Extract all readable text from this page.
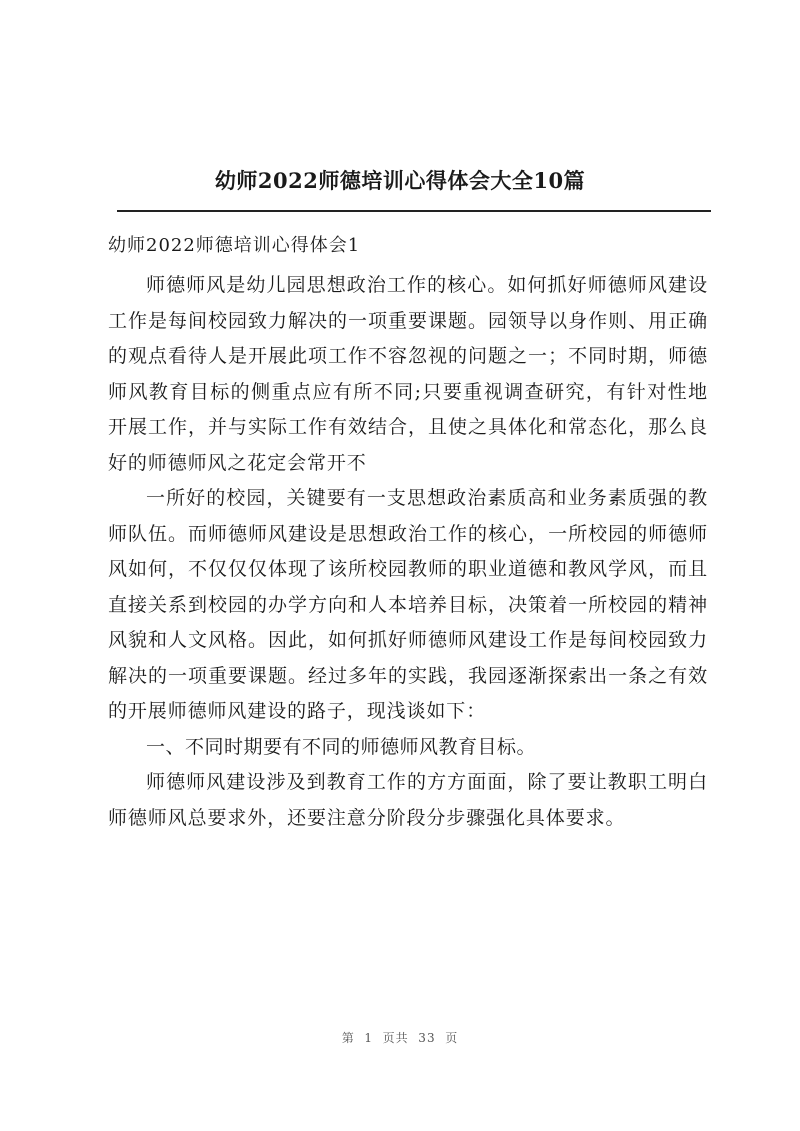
幼师2022师德培训心得体会大全10篇
幼师2022师德培训心得体会1

师德师风是幼儿园思想政治工作的核心。如何抓好师德师风建设工作是每间校园致力解决的一项重要课题。园领导以身作则、用正确的观点看待人是开展此项工作不容忽视的问题之一；不同时期，师德师风教育目标的侧重点应有所不同;只要重视调查研究，有针对性地开展工作，并与实际工作有效结合，且使之具体化和常态化，那么良好的师德师风之花定会常开不

一所好的校园，关键要有一支思想政治素质高和业务素质强的教师队伍。而师德师风建设是思想政治工作的核心，一所校园的师德师风如何，不仅仅仅体现了该所校园教师的职业道德和教风学风，而且直接关系到校园的办学方向和人本培养目标，决策着一所校园的精神风貌和人文风格。因此，如何抓好师德师风建设工作是每间校园致力解决的一项重要课题。经过多年的实践，我园逐渐探索出一条之有效的开展师德师风建设的路子，现浅谈如下：

一、不同时期要有不同的师德师风教育目标。

师德师风建设涉及到教育工作的方方面面，除了要让教职工明白师德师风总要求外，还要注意分阶段分步骤强化具体要求。

第  1  页共  33  页
